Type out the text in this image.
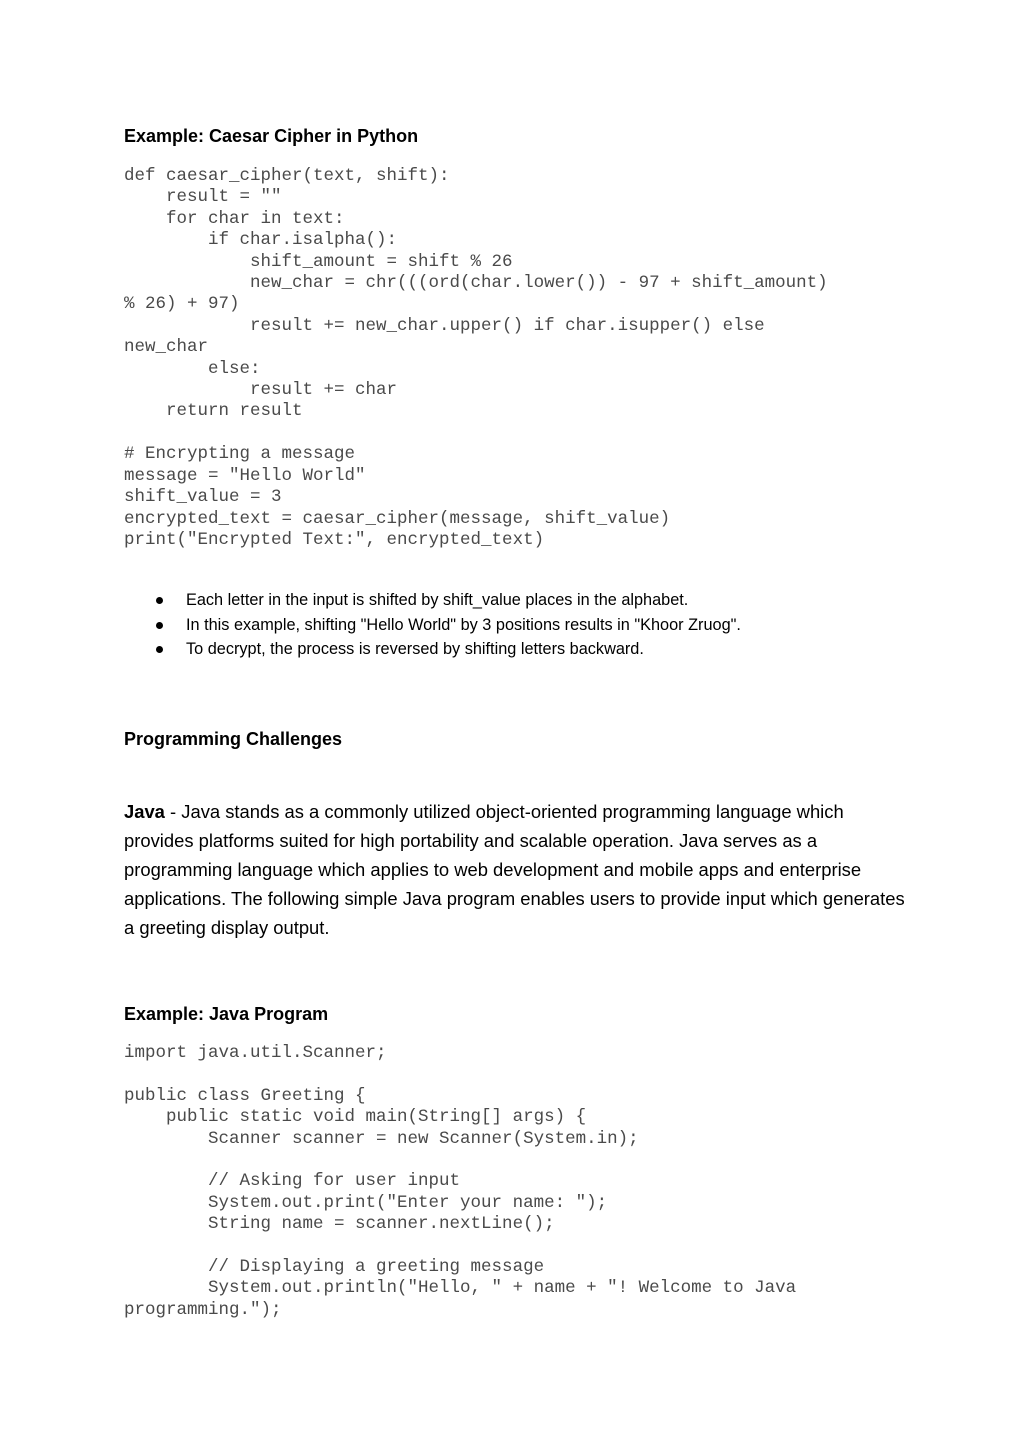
Example: Caesar Cipher in Python
def caesar_cipher(text, shift):
result = ""
for char in text:
if char.isalpha():
shift_amount = shift % 26
new_char = chr(((ord(char.lower()) - 97 + shift_amount)
% 26) + 97)
result += new_char.upper() if char.isupper() else
new_char
else:
result += char
return result

# Encrypting a message
message = "Hello World"
shift_value = 3
encrypted_text = caesar_cipher(message, shift_value)
print("Encrypted Text:", encrypted_text)
Each letter in the input is shifted by shift_value places in the alphabet.
In this example, shifting "Hello World" by 3 positions results in "Khoor Zruog".
To decrypt, the process is reversed by shifting letters backward.
Programming Challenges

Java - Java stands as a commonly utilized object-oriented programming language which provides platforms suited for high portability and scalable operation. Java serves as a programming language which applies to web development and mobile apps and enterprise applications. The following simple Java program enables users to provide input which generates a greeting display output.

Example: Java Program
import java.util.Scanner;

public class Greeting {
public static void main(String[] args) {
Scanner scanner = new Scanner(System.in);

// Asking for user input
System.out.print("Enter your name: ");
String name = scanner.nextLine();

// Displaying a greeting message
System.out.println("Hello, " + name + "! Welcome to Java
programming.");
